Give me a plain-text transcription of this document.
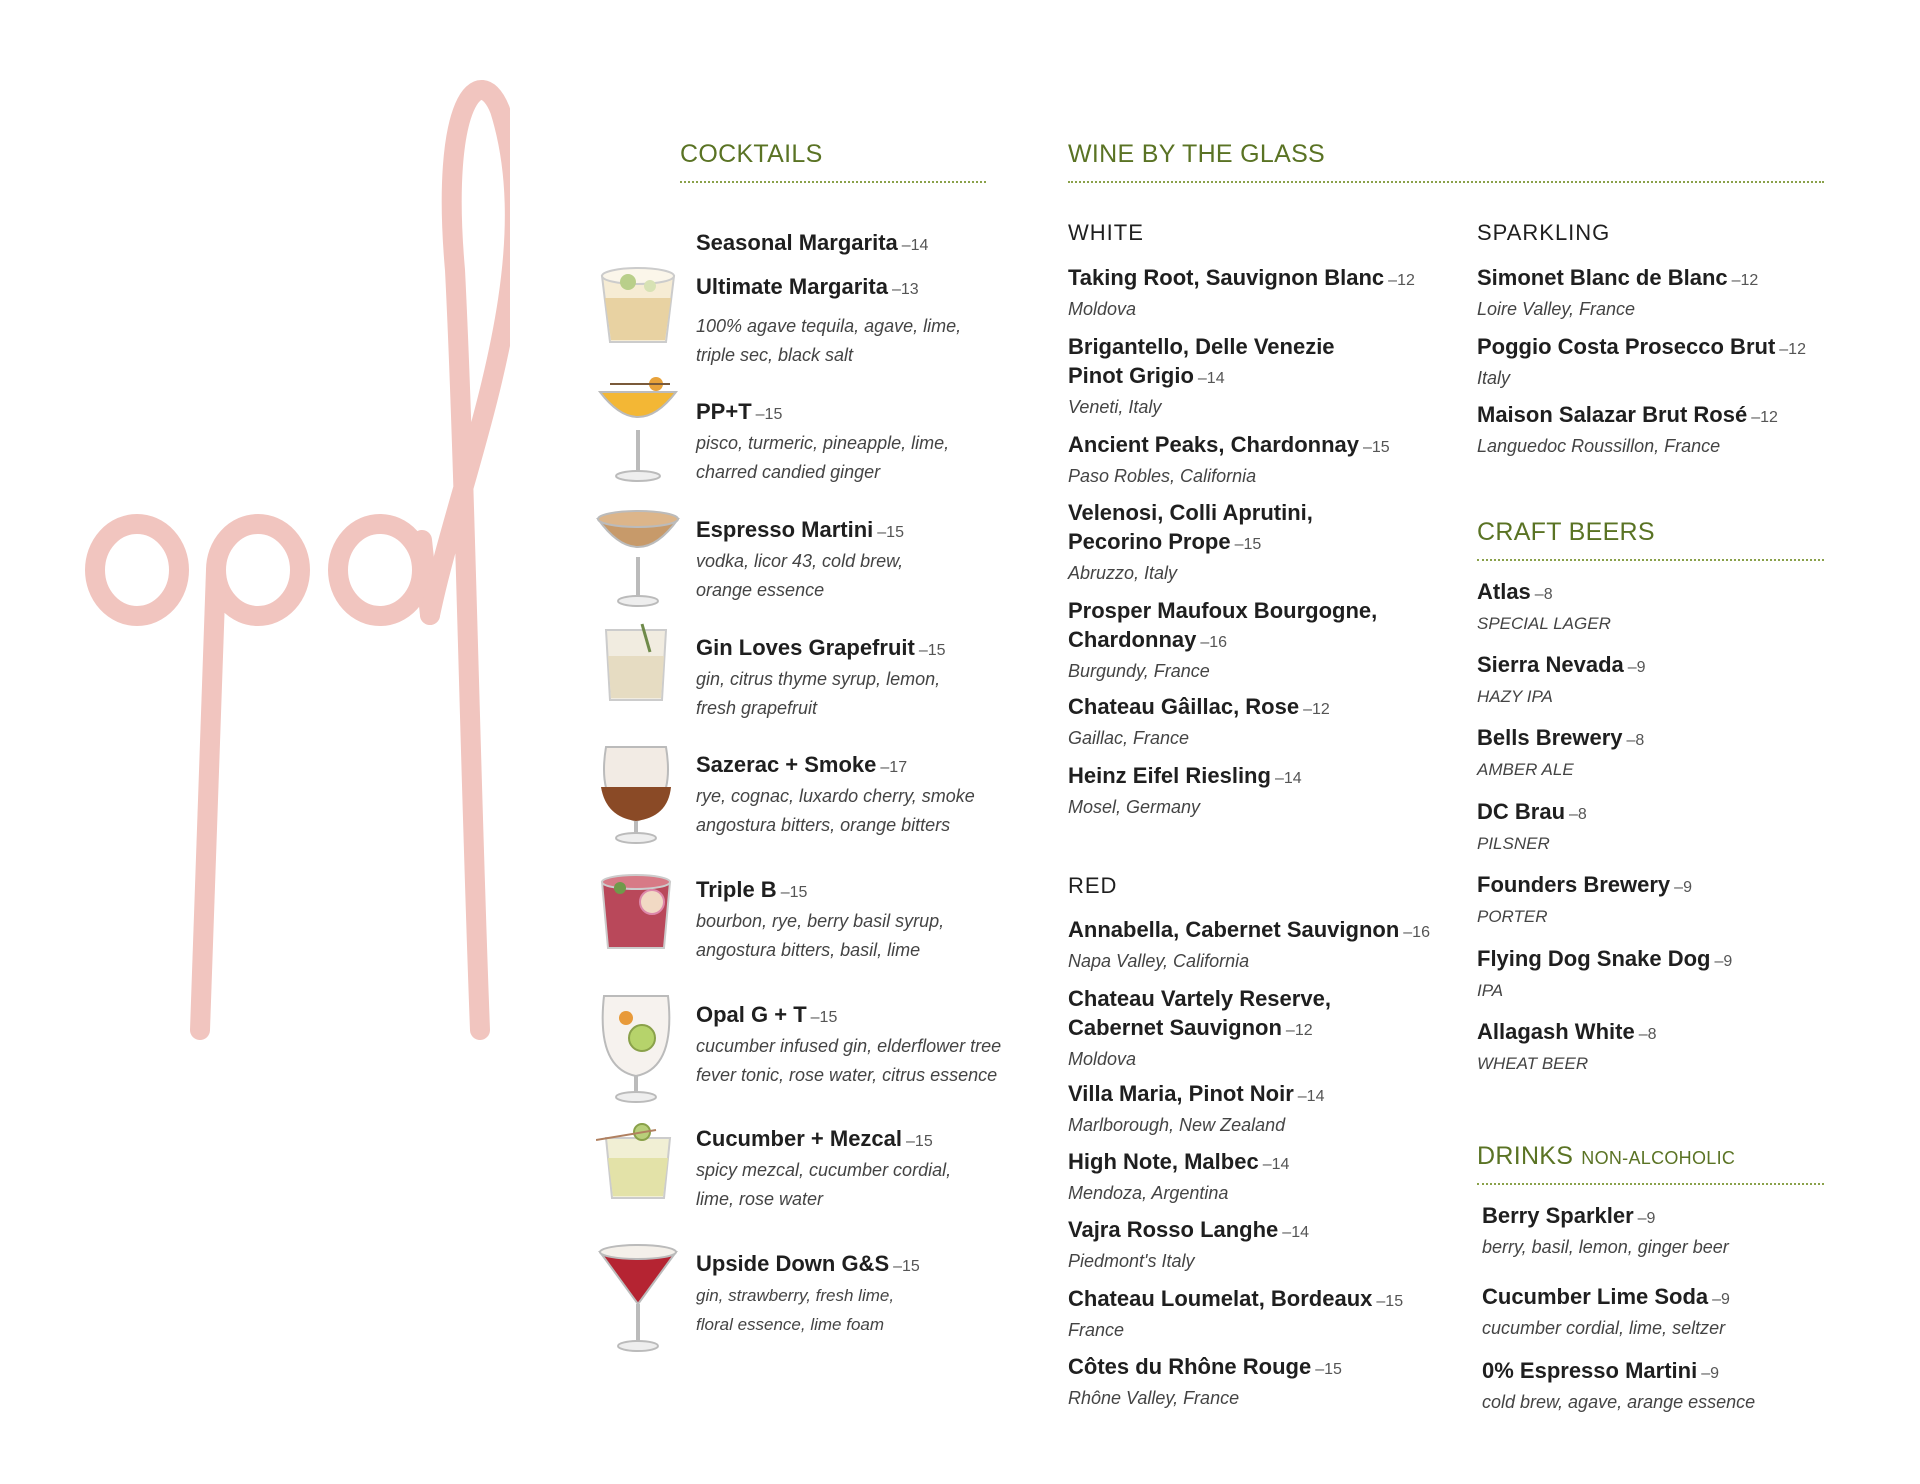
COCKTAILS
Seasonal Margarita –14
Ultimate Margarita –13
100% agave tequila, agave, lime,
triple sec, black salt
PP+T –15
pisco, turmeric, pineapple, lime,
charred candied ginger
Espresso Martini –15
vodka, licor 43, cold brew,
orange essence
Gin Loves Grapefruit –15
gin, citrus thyme syrup, lemon,
fresh grapefruit
Sazerac + Smoke –17
rye, cognac, luxardo cherry, smoke
angostura bitters, orange bitters
Triple B –15
bourbon, rye, berry basil syrup,
angostura bitters, basil, lime
Opal G + T –15
cucumber infused gin, elderflower tree
fever tonic, rose water, citrus essence
Cucumber + Mezcal –15
spicy mezcal, cucumber cordial,
lime, rose water
Upside Down G&S –15
gin, strawberry, fresh lime,
floral essence, lime foam
WINE BY THE GLASS
WHITE
Taking Root, Sauvignon Blanc –12
Moldova
Brigantello, Delle Venezie
Pinot Grigio –14
Veneti, Italy
Ancient Peaks, Chardonnay –15
Paso Robles, California
Velenosi, Colli Aprutini,
Pecorino Prope –15
Abruzzo, Italy
Prosper Maufoux Bourgogne,
Chardonnay –16
Burgundy, France
Chateau Gâillac, Rose –12
Gaillac, France
Heinz Eifel Riesling –14
Mosel, Germany
RED
Annabella, Cabernet Sauvignon –16
Napa Valley, California
Chateau Vartely Reserve,
Cabernet Sauvignon –12
Moldova
Villa Maria, Pinot Noir –14
Marlborough, New Zealand
High Note, Malbec –14
Mendoza, Argentina
Vajra Rosso Langhe –14
Piedmont's Italy
Chateau Loumelat, Bordeaux –15
France
Côtes du Rhône Rouge –15
Rhône Valley, France
SPARKLING
Simonet Blanc de Blanc –12
Loire Valley, France
Poggio Costa Prosecco Brut –12
Italy
Maison Salazar Brut Rosé –12
Languedoc Roussillon, France
CRAFT BEERS
Atlas –8
SPECIAL LAGER
Sierra Nevada –9
HAZY IPA
Bells Brewery –8
AMBER ALE
DC Brau –8
PILSNER
Founders Brewery –9
PORTER
Flying Dog Snake Dog –9
IPA
Allagash White –8
WHEAT BEER
DRINKS NON-ALCOHOLIC
Berry Sparkler –9
berry, basil, lemon, ginger beer
Cucumber Lime Soda –9
cucumber cordial, lime, seltzer
0% Espresso Martini –9
cold brew, agave, arange essence
